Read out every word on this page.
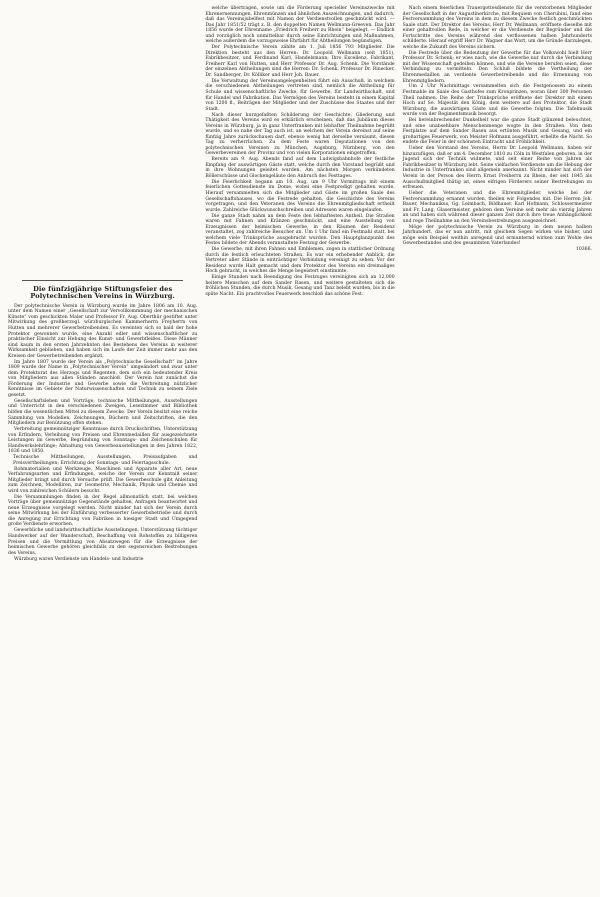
Die fünfzigjährige Stiftungsfeier des Polytechnischen Vereins in Würzburg.

Der polytechnische Verein in Würzburg wurde im Jahre 1806 am 10. Aug. unter dem Namen einer „Gesellschaft zur Vervollkommnung der mechanischen Künste“ vom geschickten Maler und Professor Fr. Aug. Oberthür gestiftet unter Mitwirkung des großherzogl. würzburgischen Kammerherrn Freyherrn von Hutten und mehrerer Gewerbetreibenden. Es vereinten sich so bald der hohe Protektor gewonnen wurde, eine Anzahl edler und wissenschaftlicher zu praktischer Einsicht zur Hebung des Kunst- und Gewerbfleißes. Diese Männer sind kaum in den ersten Jahrzehnten des Bestehens des Vereins in weiterer Wirksamkeit geblieben, und haben sich im Laufe der Zeit immer mehr aus den Kreisen der Gewerbetreibenden ergänzt.

Im Jahre 1807 wurde der Verein als „Polytechnische Gesellschaft“ im Jahre 1809 wurde der Name in „Polytechnischer Verein“ umgeändert und zwar unter dem Protektorat des Herzogs und Regenten, dem sich ein bedeutender Kreis von Mitgliedern aus allen Ständen anschloß. Der Verein hat zunächst die Förderung der Industrie und Gewerbe sowie die Verbreitung nützlicher Kenntnisse im Gebiete der Naturwissenschaften und Technik zu seinem Ziele gesetzt.

Gesellschaftsleben und Vorträge, technische Mittheilungen, Ausstellungen und Unterricht in den verschiedenen Zweigen, Lesezimmer und Bibliothek bilden die wesentlichen Mittel zu diesem Zwecke. Der Verein besitzt eine reiche Sammlung von Modellen, Zeichnungen, Büchern und Zeitschriften, die den Mitgliedern zur Benützung offen stehen.

Verbreitung gemeinnütziger Kenntnisse durch Druckschriften, Unterstützung von Erfindern, Verleihung von Preisen und Ehrenmedaillen für ausgezeichnete Leistungen im Gewerbe, Begründung von Sonntags- und Zeichenschulen für Handwerkslehrlinge; Abhaltung von Gewerbeausstellungen in den Jahren 1822, 1836 und 1850.

Technische Mittheilungen, Ausstellungen, Preisaufgaben und Preisvertheilungen; Errichtung der Sonntags- und Feiertagsschule.

Rohmaterialien und Werkzeuge, Maschinen und Apparate aller Art, neue Verfahrungsarten und Erfindungen, welche der Verein zur Kenntniß seiner Mitglieder bringt und durch Versuche prüft. Die Gewerbeschule gibt Anleitung zum Zeichnen, Modelliren, zur Geometrie, Mechanik, Physik und Chemie und wird von zahlreichen Schülern besucht.

Die Versammlungen finden in der Regel allmonatlich statt, bei welchen Vorträge über gemeinnützige Gegenstände gehalten, Anfragen beantwortet und neue Erzeugnisse vorgelegt werden. Nicht minder hat sich der Verein durch seine Mitwirkung bei der Einführung verbesserter Gewerbsbetriebe und durch die Anregung zur Errichtung von Fabriken in hiesiger Stadt und Umgegend große Verdienste erworben.

Gewerbliche und landwirthschaftliche Ausstellungen, Unterstützung tüchtiger Handwerker auf der Wanderschaft, Beschaffung von Rohstoffen zu billigeren Preisen und die Vermittlung von Absatzwegen für die Erzeugnisse der heimischen Gewerbe gehören gleichfalls zu den segensreichen Bestrebungen des Vereins.

Würzburg waren Verdienste um Handels- und Industrie

welche übertragen, sowie um die Förderung specieller Vereinszwecke mit Ehrenernennungen, Ehrenmünzen und ähnlichen Auszeichnungen, und dadurch, daß das Vereinsjubelfest mit Namen der Verdienstvollen geschmückt wird. — Das Jahr 1851/52 trägt z. B. den doppelten Namen Wellmann-Greeven. Das Jahr 1856 wurde der Ehrenname „Friedrich Freiherr zu Rhein“ beigelegt. — Endlich und vorzüglich noch unmittelbar durch seine Einrichtungen und Maßnahmen, welche außerdem die vorzugsweise Ehrfahrt für Abtheilungen begünstigen.

Der Polytechnische Verein zählte am 1. Juli 1856 793 Mitglieder. Die Direktion besteht aus den Herren: Dr. Leopold Wellmann (seit 1851), Fabrikbesitzer, und Ferdinand Karl, Handelsmann; Ihro Excellenz, Fabrikant, Freiherr Karl von Hutten, und Herr Professor Dr. Aug. Schenk. Die Vorstände der einzelnen Abtheilungen sind die Herren: Dr. Schenk, Professor Dr. Rinecker, Dr. Sandberger, Dr. Kölliker und Herr Joh. Bauer.

Die Verwaltung der Vereinsangelegenheiten führt ein Ausschuß, in welchem die verschiedenen Abtheilungen vertreten sind, nemlich die Abtheilung für Schule und wissenschaftliche Zwecke, für Gewerbe, für Landwirthschaft, und für Handel und Fabrikation. Das Vermögen des Vereins besteht in einem Kapital von 1200 fl., Beiträgen der Mitglieder und der Zuschüsse des Staates und der Stadt.

Nach dieser kurzgefaßten Schilderung der Geschichte, Gliederung und Thätigkeit des Vereins wird es erklärlich erscheinen, daß das Jubiläum dieses Vereins in Würzburg, ja in ganz Unterfranken mit lebhafter Theilnahme begrüßt wurde, und so nahe der Tag auch ist, an welchem der Verein dereinst auf seine fünfzig Jahre zurückschauen darf, ebenso wenig hat derselbe versäumt, diesen Tag zu verherrlichen. Zu dem Feste waren Deputationen von den polytechnischen Vereinen zu München, Augsburg, Nürnberg, von den Gewerbevereinen der Provinz und von vielen Korporationen eingetroffen.

Bereits am 9. Aug. Abends fand auf dem Ludwigsbahnhofe der festliche Empfang der auswärtigen Gäste statt, welche durch den Vorstand begrüßt und in ihre Wohnungen geleitet wurden. Am nächsten Morgen verkündeten Böllerschüsse und Glockengeläute den Anbruch des Festtages.

Die Feierlichkeit begann am 10. Aug. um 9 Uhr Vormittags mit einem feierlichen Gottesdienste im Dome, wobei eine Festpredigt gehalten wurde. Hierauf versammelten sich die Mitglieder und Gäste im großen Saale des Gesellschaftshauses, wo die Festrede gehalten, die Geschichte des Vereins vorgetragen, und den Veteranen des Vereins die Ehrenmitgliedschaft ertheilt wurde. Zahlreiche Glückwunschschreiben und Adressen waren eingelaufen.

Die ganze Stadt nahm an dem Feste den lebhaftesten Antheil. Die Straßen waren mit Fahnen und Kränzen geschmückt, und eine Ausstellung von Erzeugnissen der heimischen Gewerbe, in den Räumen der Residenz veranstaltet, zog zahlreiche Besucher an. Um 1 Uhr fand ein Festmahl statt, bei welchem viele Trinksprüche ausgebracht wurden. Den Hauptglanzpunkt des Festes bildete der Abends veranstaltete Festzug der Gewerbe.

Die Gewerbe, mit ihren Fahnen und Emblemen, zogen in stattlicher Ordnung durch die festlich erleuchteten Straßen. Es war ein erhebender Anblick, die Vertreter aller Stände in einträchtiger Verbindung vereinigt zu sehen. Vor der Residenz wurde Halt gemacht und dem Protektor des Vereins ein dreimaliges Hoch gebracht, in welches die Menge begeistert einstimmte.

Einige Stunden nach Beendigung des Festzuges vereinigten sich an 12,000 heitere Menschen auf dem Sander Rasen, und weitere gestalteten sich die fröhlichen Stunden, die durch Musik, Gesang und Tanz belebt wurden, bis in die späte Nacht. Ein prachtvolles Feuerwerk beschloß das schöne Fest.

Nach einem feierlichen Trauergottesdienste für die verstorbenen Mitglieder der Gesellschaft in der Augustinerkirche, mit Requiem von Cherubini, fand eine Festversammlung des Vereins in dem zu diesem Zwecke festlich geschmückten Saale statt. Der Direktor des Vereins, Herr Dr. Wellmann, eröffnete dieselbe mit einer gehaltvollen Rede, in welcher er die Verdienste der Begründer und die Fortschritte des Vereins während des verflossenen halben Jahrhunderts schilderte. Hierauf ergriff Herr Dr. Wagner das Wort, um die Gründe darzulegen, welche die Zukunft des Vereins sichern.

Die Festrede über die Bedeutung der Gewerbe für das Volkswohl hielt Herr Professor Dr. Schenk; er wies nach, wie die Gewerbe nur durch die Verbindung mit der Wissenschaft gedeihen können, und wie die Vereine berufen seien, diese Verbindung zu vermitteln. Den Schluß bildete die Vertheilung der Ehrenmedaillen an verdiente Gewerbetreibende und die Ernennung von Ehrenmitgliedern.

Um 2 Uhr Nachmittags versammelten sich die Festgenossen zu einem Festmahle im Saale des Gasthofes zum Kronprinzen, woran über 300 Personen Theil nahmen. Die Reihe der Trinksprüche eröffnete der Direktor mit einem Hoch auf Se. Majestät den König, dem weitere auf den Protektor, die Stadt Würzburg, die auswärtigen Gäste und die Gewerbe folgten. Die Tafelmusik wurde von der Regimentsmusik besorgt.

Bei hereinbrechender Dunkelheit war die ganze Stadt glänzend beleuchtet, und eine unabsehbare Menschenmenge wogte in den Straßen. Von dem Festplatze auf dem Sander Rasen aus ertönten Musik und Gesang, und ein großartiges Feuerwerk, von Meister Hofmann ausgeführt, erhellte die Nacht. So endete die Feier in der schönsten Eintracht und Fröhlichkeit.

Ueber den Vorstand des Vereins, Herrn Dr. Leopold Wellmann, haben wir hinzuzufügen, daß er am 4. December 1810 zu Cöln in Westfalen geboren, in der Jugend sich der Technik widmete, und seit einer Reihe von Jahren als Fabrikbesitzer in Würzburg lebt. Seine vielfachen Verdienste um die Hebung der Industrie in Unterfranken sind allgemein anerkannt. Nicht minder hat sich der Verein in der Person des Herrn Ernst Freiherrn zu Rhein, der seit 1845 als Ausschußmitglied thätig ist, eines eifrigen Förderers seiner Bestrebungen zu erfreuen.

Ueber die Veteranen und die Ehrenmitglieder, welche bei der Festversammlung ernannt wurden, theilen wir Folgendes mit. Die Herren Joh. Bauer, Mechanikus, Gg. Leimbach, Bildhauer, Karl Hofmann, Schlossermeister und Fr. Lang, Glasermeister, gehören dem Vereine seit mehr als vierzig Jahren an und haben sich während dieser ganzen Zeit durch ihre treue Anhänglichkeit und rege Theilnahme an den Vereinsbestrebungen ausgezeichnet.

Möge der polytechnische Verein zu Würzburg in dem neuen halben Jahrhundert, das er nun antritt, mit gleichem Segen wirken wie bisher, und möge sein Beispiel weithin anregend und ermunternd wirken zum Wohle des Gewerbestandes und des gesammten Vaterlandes!

10366.
